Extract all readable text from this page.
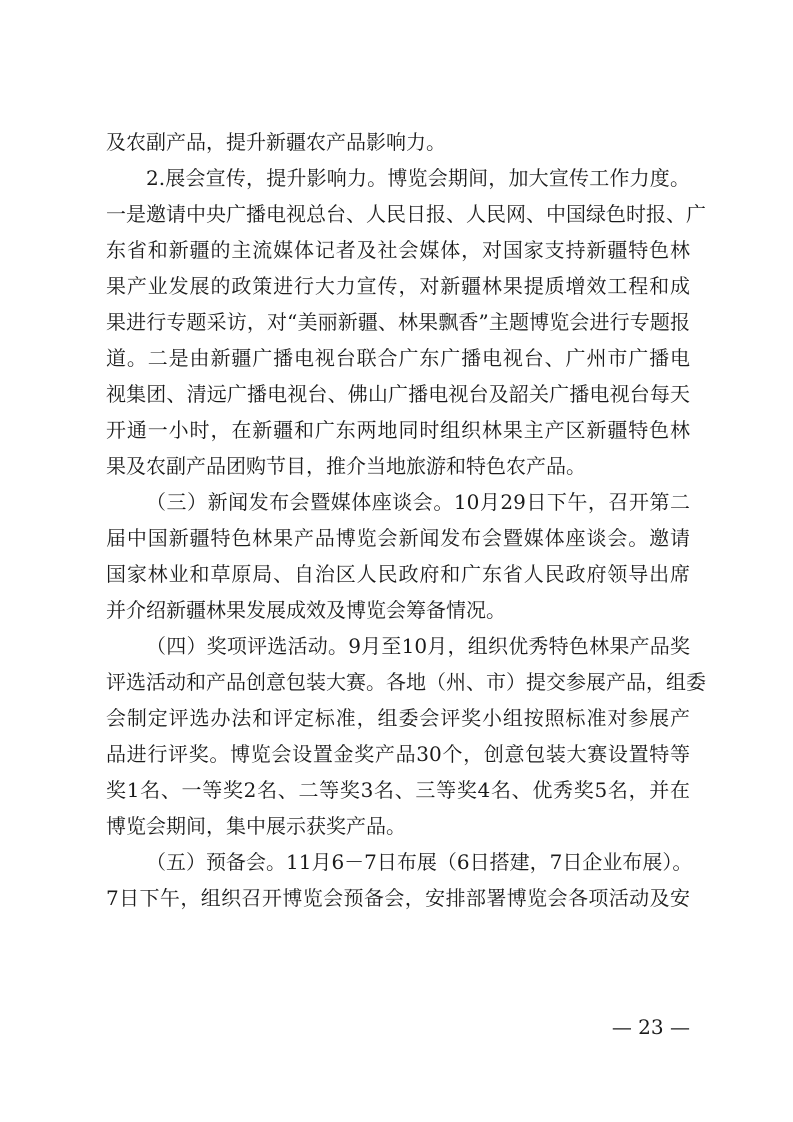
及农副产品，提升新疆农产品影响力。
2.展会宣传，提升影响力。博览会期间，加大宣传工作力度。
一是邀请中央广播电视总台、人民日报、人民网、中国绿色时报、广
东省和新疆的主流媒体记者及社会媒体，对国家支持新疆特色林
果产业发展的政策进行大力宣传，对新疆林果提质增效工程和成
果进行专题采访，对“美丽新疆、林果飘香”主题博览会进行专题报
道。二是由新疆广播电视台联合广东广播电视台、广州市广播电
视集团、清远广播电视台、佛山广播电视台及韶关广播电视台每天
开通一小时，在新疆和广东两地同时组织林果主产区新疆特色林
果及农副产品团购节目，推介当地旅游和特色农产品。
（三）新闻发布会暨媒体座谈会。10月29日下午，召开第二
届中国新疆特色林果产品博览会新闻发布会暨媒体座谈会。邀请
国家林业和草原局、自治区人民政府和广东省人民政府领导出席
并介绍新疆林果发展成效及博览会筹备情况。
（四）奖项评选活动。9月至10月，组织优秀特色林果产品奖
评选活动和产品创意包装大赛。各地（州、市）提交参展产品，组委
会制定评选办法和评定标准，组委会评奖小组按照标准对参展产
品进行评奖。博览会设置金奖产品30个，创意包装大赛设置特等
奖1名、一等奖2名、二等奖3名、三等奖4名、优秀奖5名，并在
博览会期间，集中展示获奖产品。
（五）预备会。11月6－7日布展（6日搭建，7日企业布展）。
7日下午，组织召开博览会预备会，安排部署博览会各项活动及安
— 23 —
